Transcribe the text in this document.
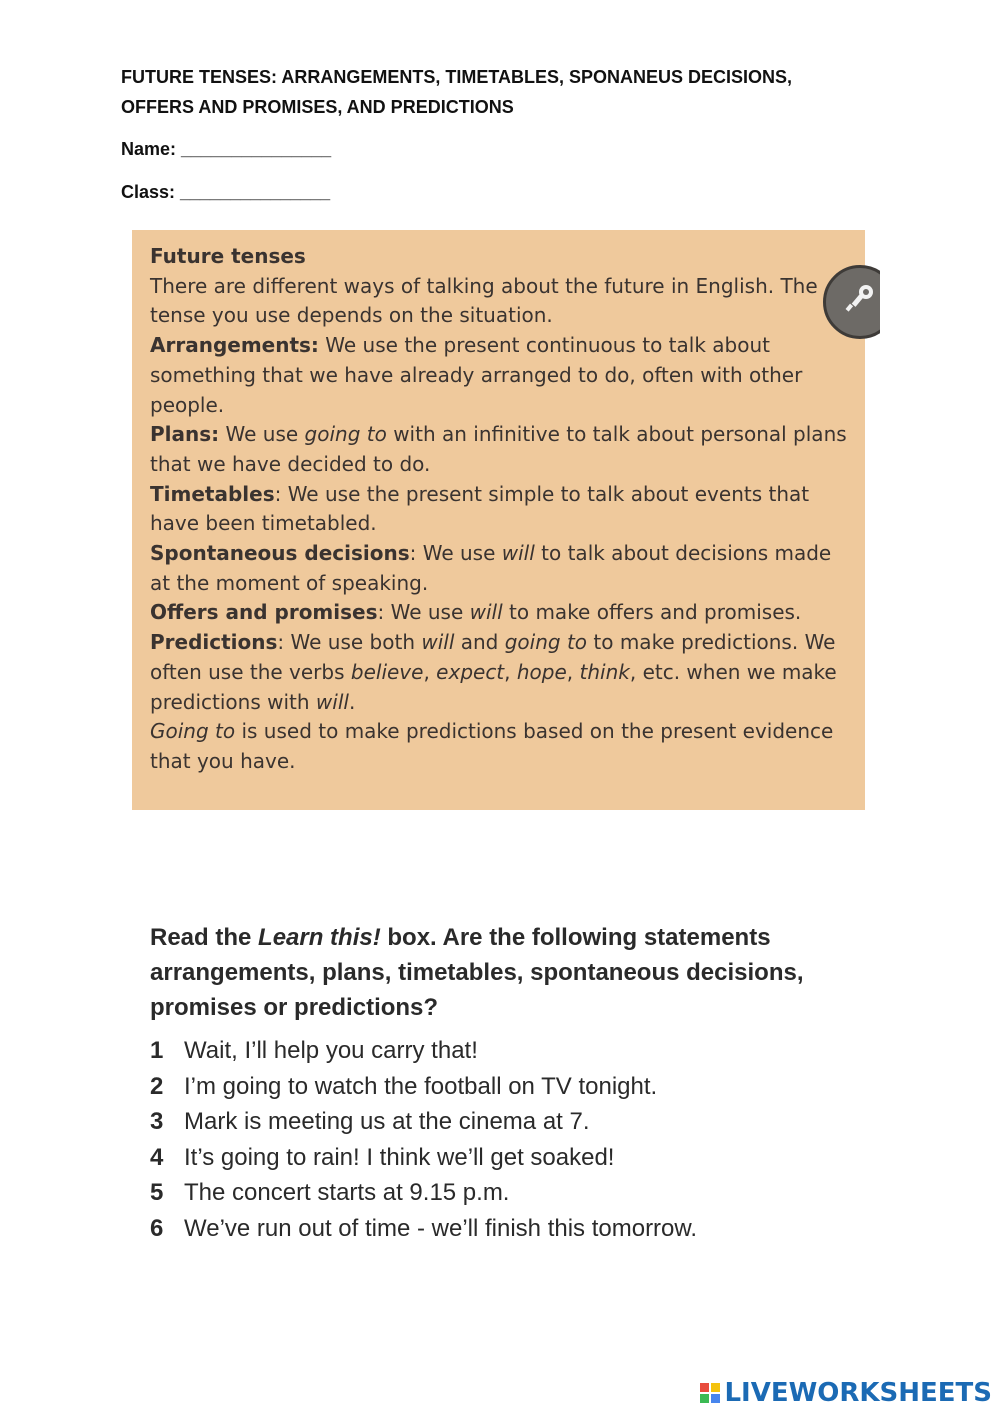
FUTURE TENSES: ARRANGEMENTS, TIMETABLES, SPONANEUS DECISIONS,
OFFERS AND PROMISES, AND PREDICTIONS
Name: _______________
Class: _______________

Future tenses

There are different ways of talking about the future in English. The tense you use depends on the situation.

Arrangements: We use the present continuous to talk about something that we have already arranged to do, often with other people.

Plans: We use going to with an infinitive to talk about personal plans that we have decided to do.

Timetables: We use the present simple to talk about events that have been timetabled.

Spontaneous decisions: We use will to talk about decisions made at the moment of speaking.

Offers and promises: We use will to make offers and promises.

Predictions: We use both will and going to to make predictions. We often use the verbs believe, expect, hope, think, etc. when we make predictions with will.
Going to is used to make predictions based on the present evidence that you have.

Read the Learn this! box. Are the following statements arrangements, plans, timetables, spontaneous decisions, promises or predictions?

1 Wait, I’ll help you carry that!
2 I’m going to watch the football on TV tonight.
3 Mark is meeting us at the cinema at 7.
4 It’s going to rain! I think we’ll get soaked!
5 The concert starts at 9.15 p.m.
6 We’ve run out of time - we’ll finish this tomorrow.
LIVEWORKSHEETS
